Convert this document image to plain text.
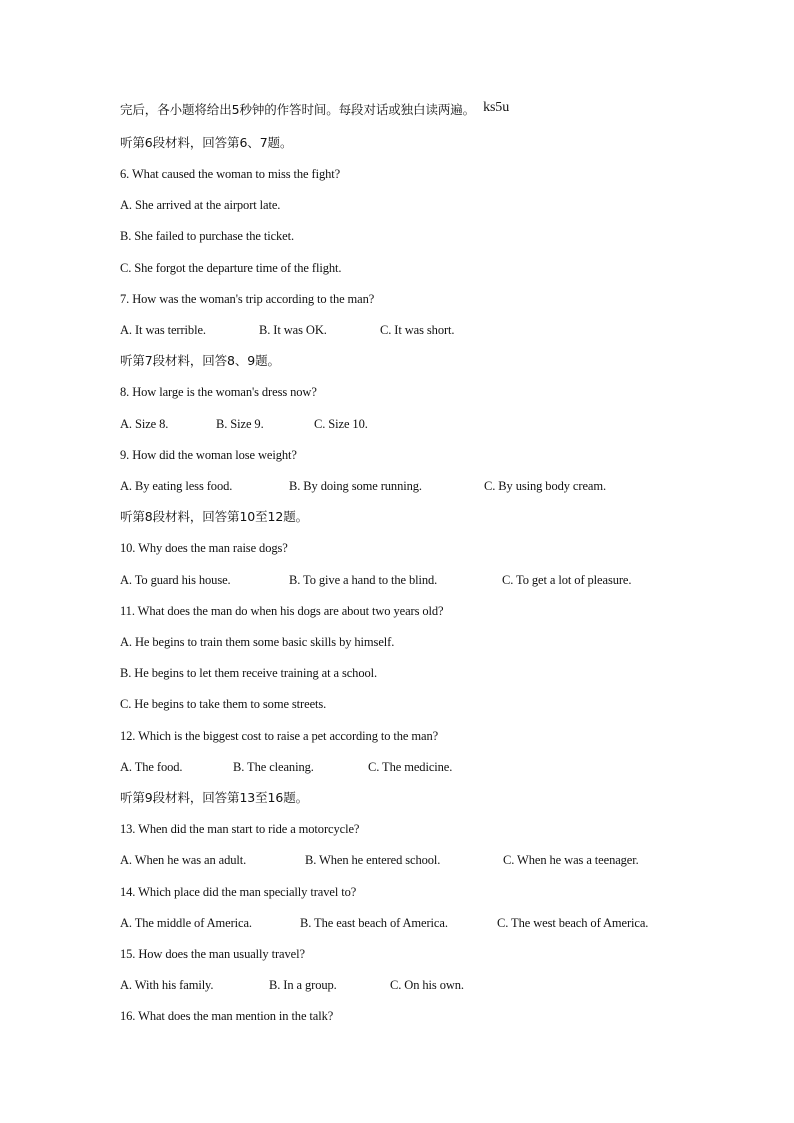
完后，各小题将给出5秒钟的作答时间。每段对话或独白读两遍。 ks5u
听第6段材料，回答第6、7题。
6. What caused the woman to miss the fight?
A. She arrived at the airport late.
B. She failed to purchase the ticket.
C. She forgot the departure time of the flight.
7. How was the woman's trip according to the man?
A. It was terrible.	B. It was OK.	C. It was short.
听第7段材料，回答8、9题。
8. How large is the woman's dress now?
A. Size 8.	B. Size 9.	C. Size 10.
9. How did the woman lose weight?
A. By eating less food.	B. By doing some running.	C. By using body cream.
听第8段材料，回答第10至12题。
10. Why does the man raise dogs?
A. To guard his house.	B. To give a hand to the blind.	C. To get a lot of pleasure.
11. What does the man do when his dogs are about two years old?
A. He begins to train them some basic skills by himself.
B. He begins to let them receive training at a school.
C. He begins to take them to some streets.
12. Which is the biggest cost to raise a pet according to the man?
A. The food.	B. The cleaning.	C. The medicine.
听第9段材料，回答第13至16题。
13. When did the man start to ride a motorcycle?
A. When he was an adult.	B. When he entered school.	C. When he was a teenager.
14. Which place did the man specially travel to?
A. The middle of America.	B. The east beach of America.	C. The west beach of America.
15. How does the man usually travel?
A. With his family.	B. In a group.	C. On his own.
16. What does the man mention in the talk?
